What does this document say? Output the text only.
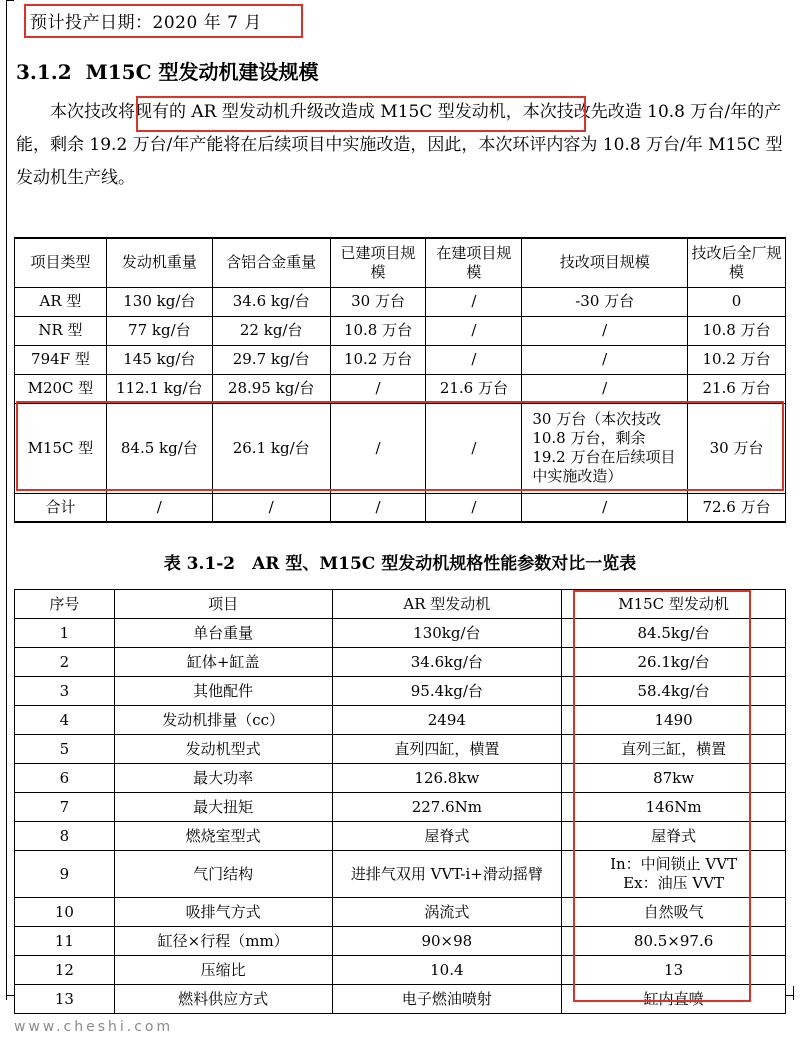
预计投产日期：2020 年 7 月
3.1.2 M15C 型发动机建设规模
本次技改将现有的 AR 型发动机升级改造成 M15C 型发动机，本次技改先改造 10.8 万台/年的产能，剩余 19.2 万台/年产能将在后续项目中实施改造，因此，本次环评内容为 10.8 万台/年 M15C 型发动机生产线。
项目类型	发动机重量	含铝合金重量	已建项目规模	在建项目规模	技改项目规模	技改后全厂规模
AR 型	130 kg/台	34.6 kg/台	30 万台	/	-30 万台	0
NR 型	77 kg/台	22 kg/台	10.8 万台	/	/	10.8 万台
794F 型	145 kg/台	29.7 kg/台	10.2 万台	/	/	10.2 万台
M20C 型	112.1 kg/台	28.95 kg/台	/	21.6 万台	/	21.6 万台
M15C 型	84.5 kg/台	26.1 kg/台	/	/	30 万台（本次技改 10.8 万台，剩余 19.2 万台在后续项目中实施改造）	30 万台
合计	/	/	/	/	/	72.6 万台
表 3.1-2　AR 型、M15C 型发动机规格性能参数对比一览表
序号	项目	AR 型发动机	M15C 型发动机
1	单台重量	130kg/台	84.5kg/台
2	缸体+缸盖	34.6kg/台	26.1kg/台
3	其他配件	95.4kg/台	58.4kg/台
4	发动机排量（cc）	2494	1490
5	发动机型式	直列四缸，横置	直列三缸，横置
6	最大功率	126.8kw	87kw
7	最大扭矩	227.6Nm	146Nm
8	燃烧室型式	屋脊式	屋脊式
9	气门结构	进排气双用 VVT-i+滑动摇臂	In：中间锁止 VVT Ex：油压 VVT
10	吸排气方式	涡流式	自然吸气
11	缸径×行程（mm）	90×98	80.5×97.6
12	压缩比	10.4	13
13	燃料供应方式	电子燃油喷射	缸内直喷
www.cheshi.com
